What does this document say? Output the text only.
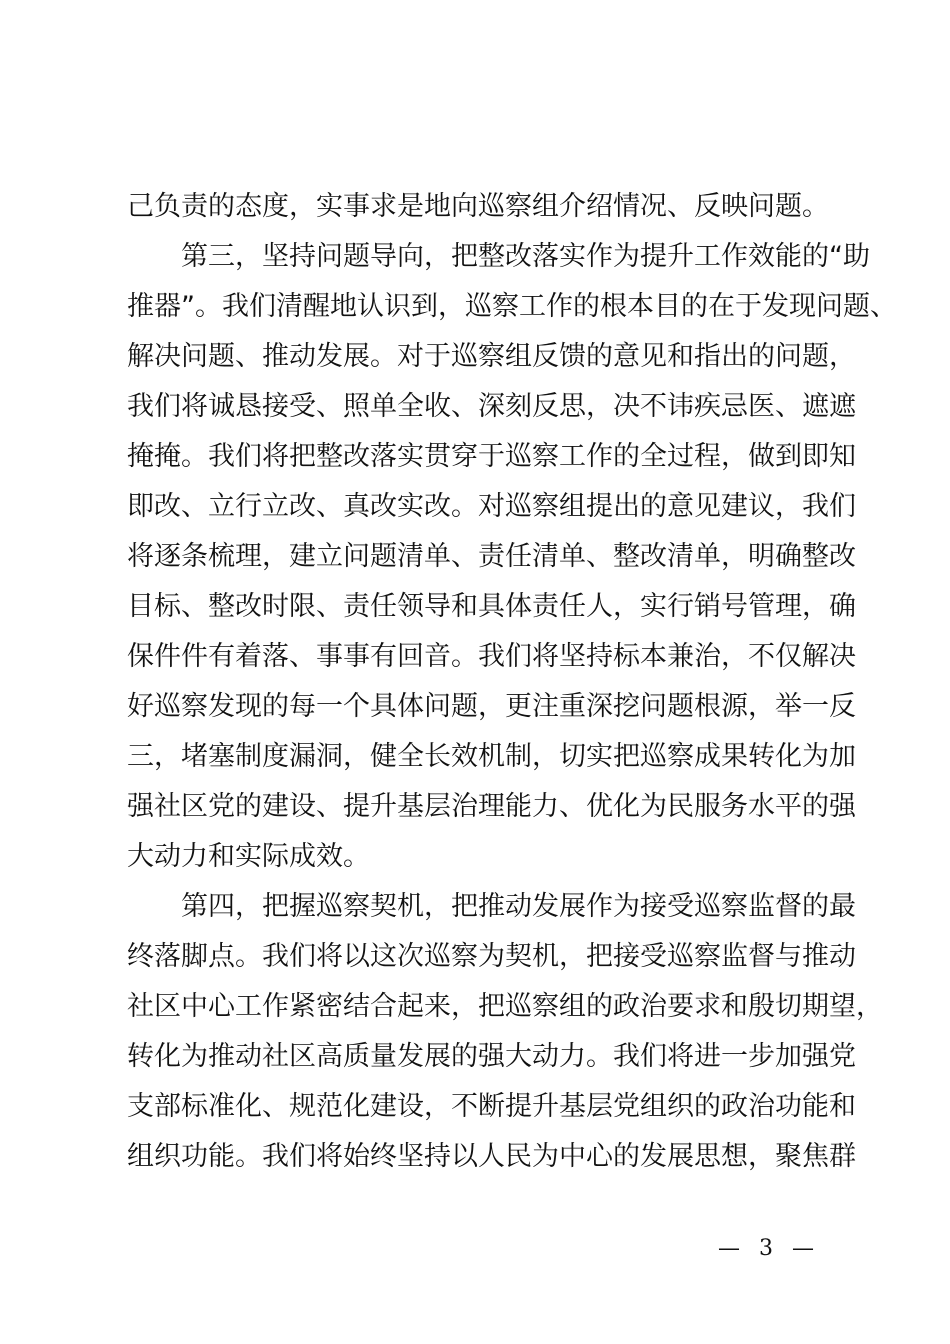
己负责的态度，实事求是地向巡察组介绍情况、反映问题。
第三，坚持问题导向，把整改落实作为提升工作效能的“助
推器”。我们清醒地认识到，巡察工作的根本目的在于发现问题、
解决问题、推动发展。对于巡察组反馈的意见和指出的问题，
我们将诚恳接受、照单全收、深刻反思，决不讳疾忌医、遮遮
掩掩。我们将把整改落实贯穿于巡察工作的全过程，做到即知
即改、立行立改、真改实改。对巡察组提出的意见建议，我们
将逐条梳理，建立问题清单、责任清单、整改清单，明确整改
目标、整改时限、责任领导和具体责任人，实行销号管理，确
保件件有着落、事事有回音。我们将坚持标本兼治，不仅解决
好巡察发现的每一个具体问题，更注重深挖问题根源，举一反
三，堵塞制度漏洞，健全长效机制，切实把巡察成果转化为加
强社区党的建设、提升基层治理能力、优化为民服务水平的强
大动力和实际成效。
第四，把握巡察契机，把推动发展作为接受巡察监督的最
终落脚点。我们将以这次巡察为契机，把接受巡察监督与推动
社区中心工作紧密结合起来，把巡察组的政治要求和殷切期望，
转化为推动社区高质量发展的强大动力。我们将进一步加强党
支部标准化、规范化建设，不断提升基层党组织的政治功能和
组织功能。我们将始终坚持以人民为中心的发展思想，聚焦群
— 3 —
